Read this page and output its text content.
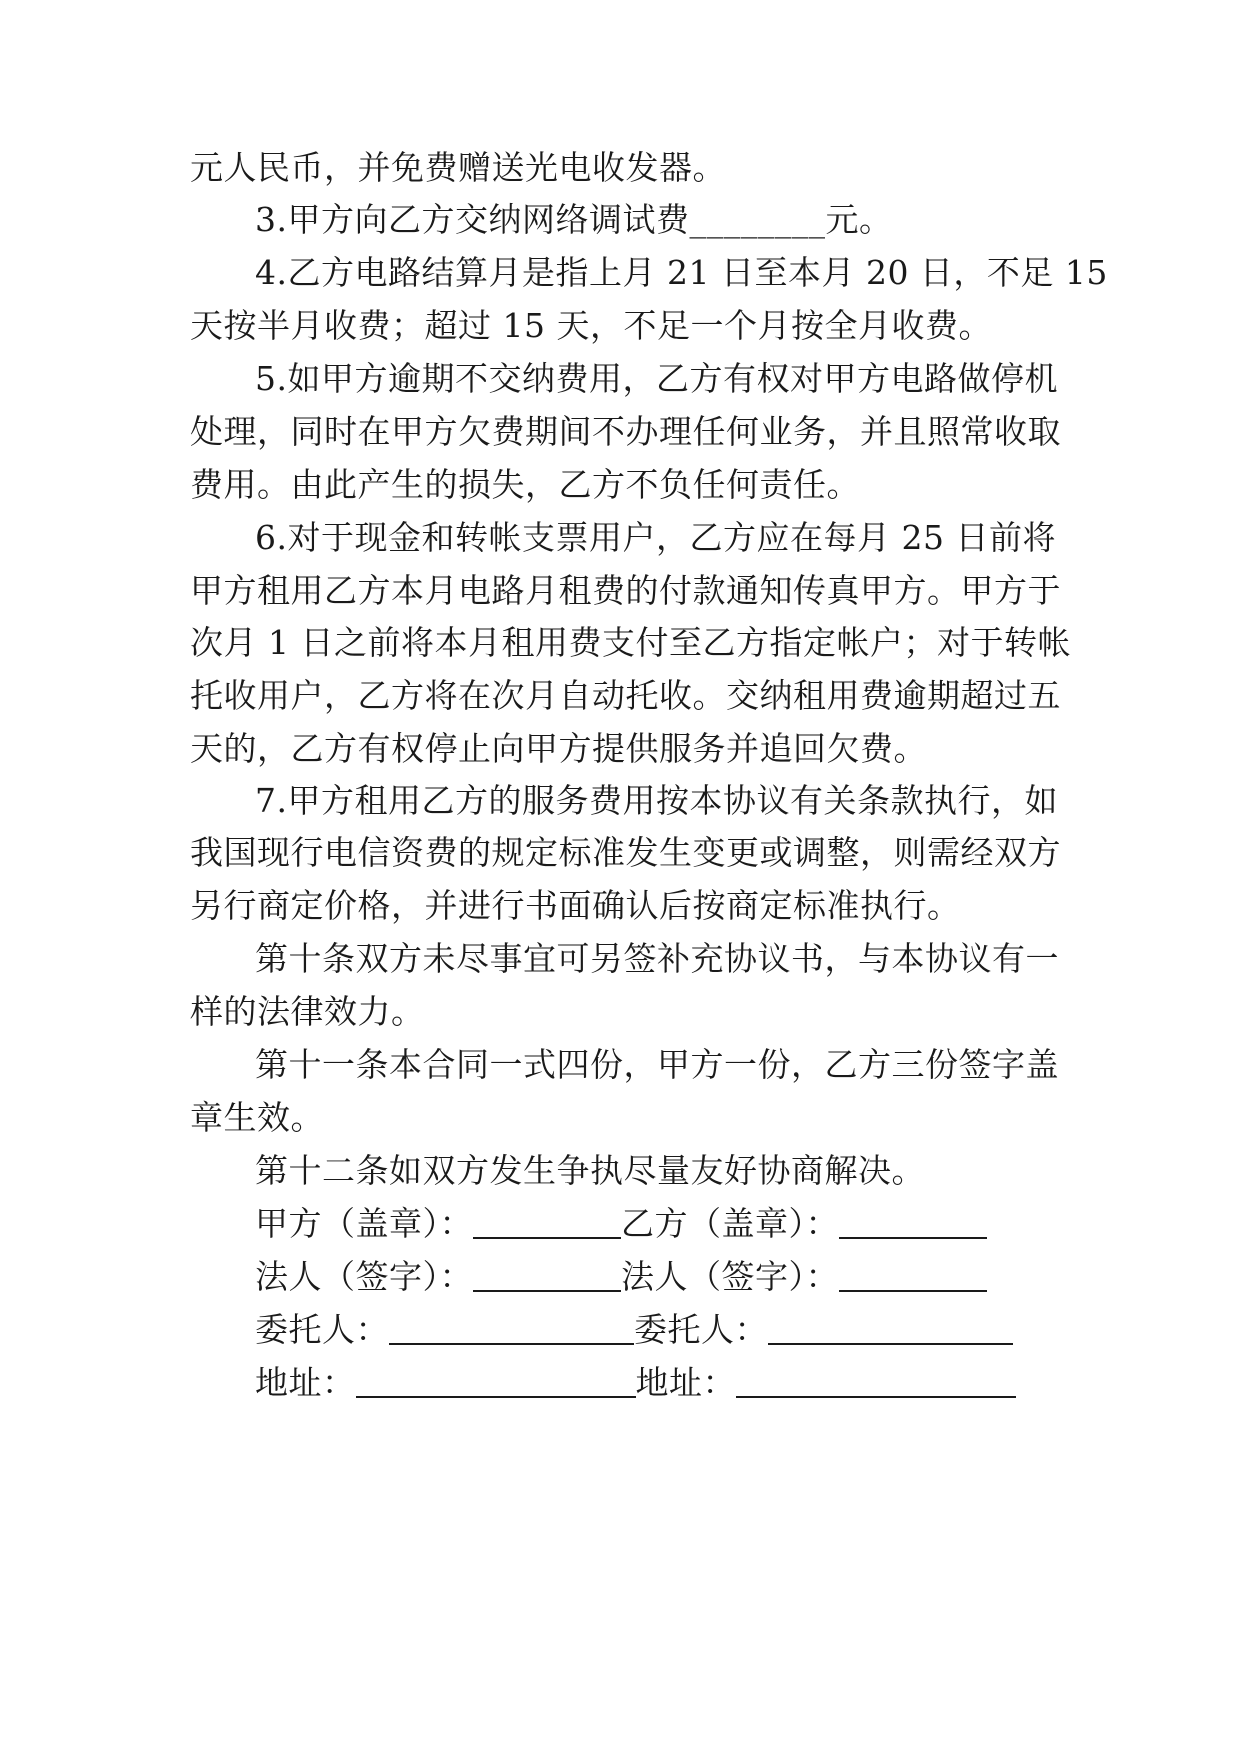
元人民币，并免费赠送光电收发器。
3.甲方向乙方交纳网络调试费________元。
4.乙方电路结算月是指上月 21 日至本月 20 日，不足 15
天按半月收费；超过 15 天，不足一个月按全月收费。
5.如甲方逾期不交纳费用，乙方有权对甲方电路做停机
处理，同时在甲方欠费期间不办理任何业务，并且照常收取
费用。由此产生的损失，乙方不负任何责任。
6.对于现金和转帐支票用户，乙方应在每月 25 日前将
甲方租用乙方本月电路月租费的付款通知传真甲方。甲方于
次月 1 日之前将本月租用费支付至乙方指定帐户；对于转帐
托收用户，乙方将在次月自动托收。交纳租用费逾期超过五
天的，乙方有权停止向甲方提供服务并追回欠费。
7.甲方租用乙方的服务费用按本协议有关条款执行，如
我国现行电信资费的规定标准发生变更或调整，则需经双方
另行商定价格，并进行书面确认后按商定标准执行。
第十条双方未尽事宜可另签补充协议书，与本协议有一
样的法律效力。
第十一条本合同一式四份，甲方一份，乙方三份签字盖
章生效。
第十二条如双方发生争执尽量友好协商解决。
甲方（盖章）：	乙方（盖章）：
法人（签字）：	法人（签字）：
委托人：	委托人：
地址：	地址：
